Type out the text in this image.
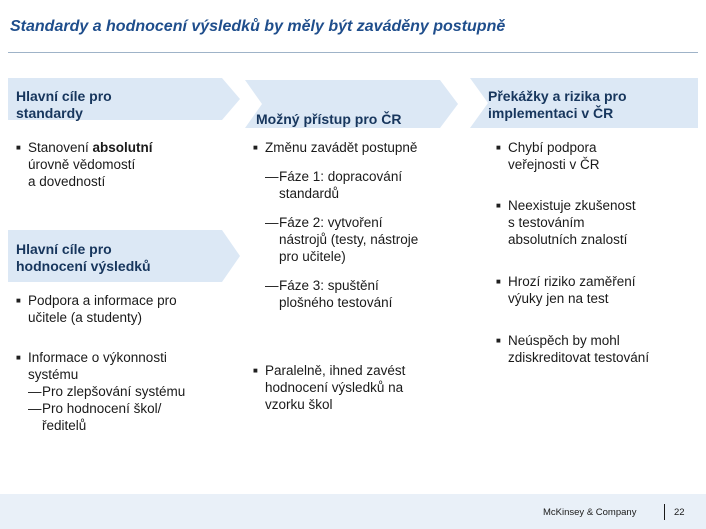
Standardy a hodnocení výsledků by měly být zaváděny postupně
Hlavní cíle pro
standardy
■ Stanovení absolutní
úrovně vědomostí
a dovedností
Hlavní cíle pro
hodnocení výsledků
■ Podpora a informace pro
učitele (a studenty)
■ Informace o výkonnosti
systému
— Pro zlepšování systému
— Pro hodnocení škol/
ředitelů
Možný přístup pro ČR
■ Změnu zavádět postupně
— Fáze 1: dopracování
standardů
— Fáze 2: vytvoření
nástrojů (testy, nástroje
pro učitele)
— Fáze 3: spuštění
plošného testování
■ Paralelně, ihned zavést
hodnocení výsledků na
vzorku škol
Překážky a rizika pro
implementaci v ČR
■ Chybí podpora
veřejnosti v ČR
■ Neexistuje zkušenost
s testováním
absolutních znalostí
■ Hrozí riziko zaměření
výuky jen na test
■ Neúspěch by mohl
zdiskreditovat testování
McKinsey & Company	22
